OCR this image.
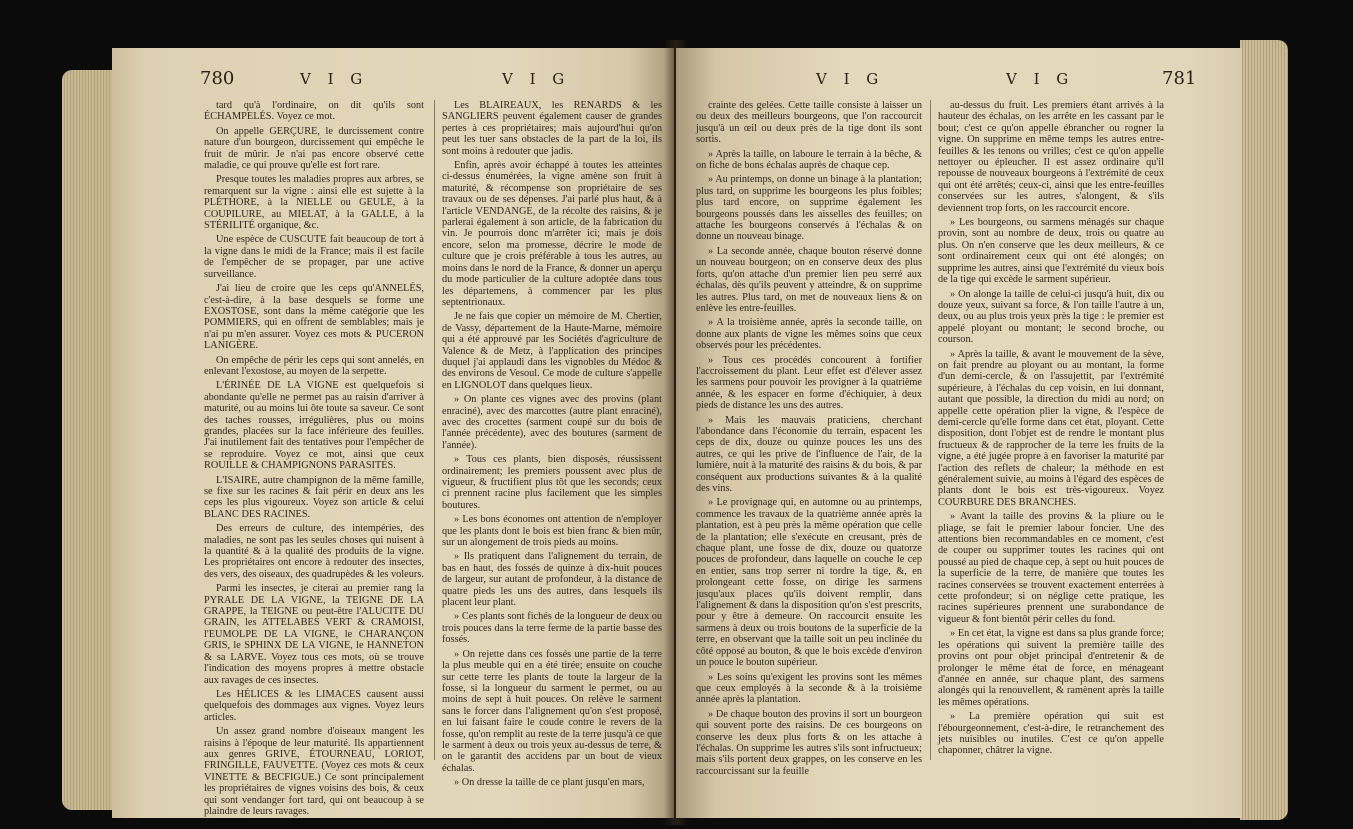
780	V I G	V I G

tard qu'à l'ordinaire, on dit qu'ils sont ÉCHAMPELÉS. Voyez ce mot.

On appelle GERÇURE, le durcissement contre nature d'un bourgeon, durcissement qui empêche le fruit de mûrir. Je n'ai pas encore observé cette maladie, ce qui prouve qu'elle est fort rare.

Presque toutes les maladies propres aux arbres, se remarquent sur la vigne : ainsi elle est sujette à la PLÉTHORE, à la NIELLE ou GEULE, à la COUPILURE, au MIELAT, à la GALLE, à la STÉRILITÉ organique, &c.

Une espèce de CUSCUTE fait beaucoup de tort à la vigne dans le midi de la France; mais il est facile de l'empêcher de se propager, par une active surveillance.

J'ai lieu de croire que les ceps qu'ANNELÉS, c'est-à-dire, à la base desquels se forme une EXOSTOSE, sont dans la même catégorie que les POMMIERS, qui en offrent de semblables; mais je n'ai pu m'en assurer. Voyez ces mots & PUCERON LANIGÈRE.

On empêche de périr les ceps qui sont annelés, en enlevant l'exostose, au moyen de la serpette.

L'ÉRINÉE DE LA VIGNE est quelquefois si abondante qu'elle ne permet pas au raisin d'arriver à maturité, ou au moins lui ôte toute sa saveur. Ce sont des taches rousses, irrégulières, plus ou moins grandes, placées sur la face inférieure des feuilles. J'ai inutilement fait des tentatives pour l'empêcher de se reproduire. Voyez ce mot, ainsi que ceux ROUILLE & CHAMPIGNONS PARASITES.

L'ISAIRE, autre champignon de la même famille, se fixe sur les racines & fait périr en deux ans les ceps les plus vigoureux. Voyez son article & celui BLANC DES RACINES.

Des erreurs de culture, des intempéries, des maladies, ne sont pas les seules choses qui nuisent à la quantité & à la qualité des produits de la vigne. Les propriétaires ont encore à redouter des insectes, des vers, des oiseaux, des quadrupèdes & les voleurs.

Parmi les insectes, je citerai au premier rang la PYRALE DE LA VIGNE, la TEIGNE DE LA GRAPPE, la TEIGNE ou peut-être l'ALUCITE DU GRAIN, les ATTELABES VERT & CRAMOISI, l'EUMOLPE DE LA VIGNE, le CHARANÇON GRIS, le SPHINX DE LA VIGNE, le HANNETON & sa LARVE. Voyez tous ces mots, où se trouve l'indication des moyens propres à mettre obstacle aux ravages de ces insectes.

Les HÉLICES & les LIMACES causent aussi quelquefois des dommages aux vignes. Voyez leurs articles.

Un assez grand nombre d'oiseaux mangent les raisins à l'époque de leur maturité. Ils appartiennent aux genres GRIVE, ÉTOURNEAU, LORIOT, FRINGILLE, FAUVETTE. (Voyez ces mots & ceux VINETTE & BECFIGUE.) Ce sont principalement les propriétaires de vignes voisins des bois, & ceux qui sont vendanger fort tard, qui ont beaucoup à se plaindre de leurs ravages.

Les BLAIREAUX, les RENARDS & les SANGLIERS peuvent également causer de grandes pertes à ces propriétaires; mais aujourd'hui qu'on peut les tuer sans obstacles de la part de la loi, ils sont moins à redouter que jadis.

Enfin, après avoir échappé à toutes les atteintes ci-dessus énumérées, la vigne amène son fruit à maturité, & récompense son propriétaire de ses travaux ou de ses dépenses. J'ai parlé plus haut, & à l'article VENDANGE, de la récolte des raisins, & je parlerai également à son article, de la fabrication du vin. Je pourrois donc m'arrêter ici; mais je dois encore, selon ma promesse, décrire le mode de culture que je crois préférable à tous les autres, au moins dans le nord de la France, & donner un aperçu du mode particulier de la culture adoptée dans tous les départemens, à commencer par les plus septentrionaux.

Je ne fais que copier un mémoire de M. Chertier, de Vassy, département de la Haute-Marne, mémoire qui a été approuvé par les Sociétés d'agriculture de Valence & de Metz, à l'application des principes duquel j'ai applaudi dans les vignobles du Médoc & des environs de Vesoul. Ce mode de culture s'appelle en LIGNOLOT dans quelques lieux.

» On plante ces vignes avec des provins (plant enraciné), avec des marcottes (autre plant enraciné), avec des crocettes (sarment coupé sur du bois de l'année précédente), avec des boutures (sarment de l'année).

» Tous ces plants, bien disposés, réussissent ordinairement; les premiers poussent avec plus de vigueur, & fructifient plus tôt que les seconds; ceux ci prennent racine plus facilement que les simples boutures.

» Les bons économes ont attention de n'employer que les plants dont le bois est bien franc & bien mûr, sur un alongement de trois pieds au moins.

» Ils pratiquent dans l'alignement du terrain, de bas en haut, des fossés de quinze à dix-huit pouces de largeur, sur autant de profondeur, à la distance de quatre pieds les uns des autres, dans lesquels ils placent leur plant.

» Ces plants sont fichés de la longueur de deux ou trois pouces dans la terre ferme de la partie basse des fossés.

» On rejette dans ces fossés une partie de la terre la plus meuble qui en a été tirée; ensuite on couche sur cette terre les plants de toute la largeur de la fosse, si la longueur du sarment le permet, ou au moins de sept à huit pouces. On relève le sarment sans le forcer dans l'alignement qu'on s'est proposé, en lui faisant faire le coude contre le revers de la fosse, qu'on remplit au reste de la terre jusqu'à ce que le sarment à deux ou trois yeux au-dessus de terre, & on le garantit des accidens par un bout de vieux échalas.

» On dresse la taille de ce plant jusqu'en mars,

V I G	V I G	781

crainte des gelées. Cette taille consiste à laisser un ou deux des meilleurs bourgeons, que l'on raccourcit jusqu'à un œil ou deux près de la tige dont ils sont sortis.

» Après la taille, on laboure le terrain à la bêche, & on fiche de bons échalas auprès de chaque cep.

» Au printemps, on donne un binage à la plantation; plus tard, on supprime les bourgeons les plus foibles; plus tard encore, on supprime également les bourgeons poussés dans les aisselles des feuilles; on attache les bourgeons conservés à l'échalas & on donne un nouveau binage.

» La seconde année, chaque bouton réservé donne un nouveau bourgeon; on en conserve deux des plus forts, qu'on attache d'un premier lien peu serré aux échalas, dès qu'ils peuvent y atteindre, & on supprime les autres. Plus tard, on met de nouveaux liens & on enlève les entre-feuilles.

» A la troisième année, après la seconde taille, on donne aux plants de vigne les mêmes soins que ceux observés pour les précédentes.

» Tous ces procédés concourent à fortifier l'accroissement du plant. Leur effet est d'élever assez les sarmens pour pouvoir les provigner à la quatrième année, & les espacer en forme d'échiquier, à deux pieds de distance les uns des autres.

» Mais les mauvais praticiens, cherchant l'abondance dans l'économie du terrain, espacent les ceps de dix, douze ou quinze pouces les uns des autres, ce qui les prive de l'influence de l'air, de la lumière, nuit à la maturité des raisins & du bois, & par conséquent aux productions suivantes & à la qualité des vins.

» Le provignage qui, en automne ou au printemps, commence les travaux de la quatrième année après la plantation, est à peu près la même opération que celle de la plantation; elle s'exécute en creusant, près de chaque plant, une fosse de dix, douze ou quatorze pouces de profondeur, dans laquelle on couche le cep en entier, sans trop serrer ni tordre la tige, &, en prolongeant cette fosse, on dirige les sarmens jusqu'aux places qu'ils doivent remplir, dans l'alignement & dans la disposition qu'on s'est prescrits, pour y être à demeure. On raccourcit ensuite les sarmens à deux ou trois boutons de la superficie de la terre, en observant que la taille soit un peu inclinée du côté opposé au bouton, & que le bois excède d'environ un pouce le bouton supérieur.

» Les soins qu'exigent les provins sont les mêmes que ceux employés à la seconde & à la troisième année après la plantation.

» De chaque bouton des provins il sort un bourgeon qui souvent porte des raisins. De ces bourgeons on conserve les deux plus forts & on les attache à l'échalas. On supprime les autres s'ils sont infructueux; mais s'ils portent deux grappes, on les conserve en les raccourcissant sur la feuille

au-dessus du fruit. Les premiers étant arrivés à la hauteur des échalas, on les arrête en les cassant par le bout; c'est ce qu'on appelle ébrancher ou rogner la vigne. On supprime en même temps les autres entre-feuilles & les tenons ou vrilles; c'est ce qu'on appelle nettoyer ou épleucher. Il est assez ordinaire qu'il repousse de nouveaux bourgeons à l'extrémité de ceux qui ont été arrêtés; ceux-ci, ainsi que les entre-feuilles conservées sur les autres, s'alongent, & s'ils deviennent trop forts, on les raccourcit encore.

» Les bourgeons, ou sarmens ménagés sur chaque provin, sont au nombre de deux, trois ou quatre au plus. On n'en conserve que les deux meilleurs, & ce sont ordinairement ceux qui ont été alongés; on supprime les autres, ainsi que l'extrémité du vieux bois de la tige qui excède le sarment supérieur.

» On alonge la taille de celui-ci jusqu'à huit, dix ou douze yeux, suivant sa force, & l'on taille l'autre à un, deux, ou au plus trois yeux près la tige : le premier est appelé ployant ou montant; le second broche, ou courson.

» Après la taille, & avant le mouvement de la sève, on fait prendre au ployant ou au montant, la forme d'un demi-cercle, & on l'assujettit, par l'extrémité supérieure, à l'échalas du cep voisin, en lui donnant, autant que possible, la direction du midi au nord; on appelle cette opération plier la vigne, & l'espèce de demi-cercle qu'elle forme dans cet état, ployant. Cette disposition, dont l'objet est de rendre le montant plus fructueux & de rapprocher de la terre les fruits de la vigne, a été jugée propre à en favoriser la maturité par l'action des reflets de chaleur; la méthode en est généralement suivie, au moins à l'égard des espèces de plants dont le bois est très-vigoureux. Voyez COURBURE DES BRANCHES.

» Avant la taille des provins & la pliure ou le pliage, se fait le premier labour foncier. Une des attentions bien recommandables en ce moment, c'est de couper ou supprimer toutes les racines qui ont poussé au pied de chaque cep, à sept ou huit pouces de la superficie de la terre, de manière que toutes les racines conservées se trouvent exactement enterrées à cette profondeur; si on néglige cette pratique, les racines supérieures prennent une surabondance de vigueur & font bientôt périr celles du fond.

» En cet état, la vigne est dans sa plus grande force; les opérations qui suivent la première taille des provins ont pour objet principal d'entretenir & de prolonger le même état de force, en ménageant d'année en année, sur chaque plant, des sarmens alongés qui la renouvellent, & ramènent après la taille les mêmes opérations.

» La première opération qui suit est l'ébourgeonnement, c'est-à-dire, le retranchement des jets nuisibles ou inutiles. C'est ce qu'on appelle chaponner, châtrer la vigne.
